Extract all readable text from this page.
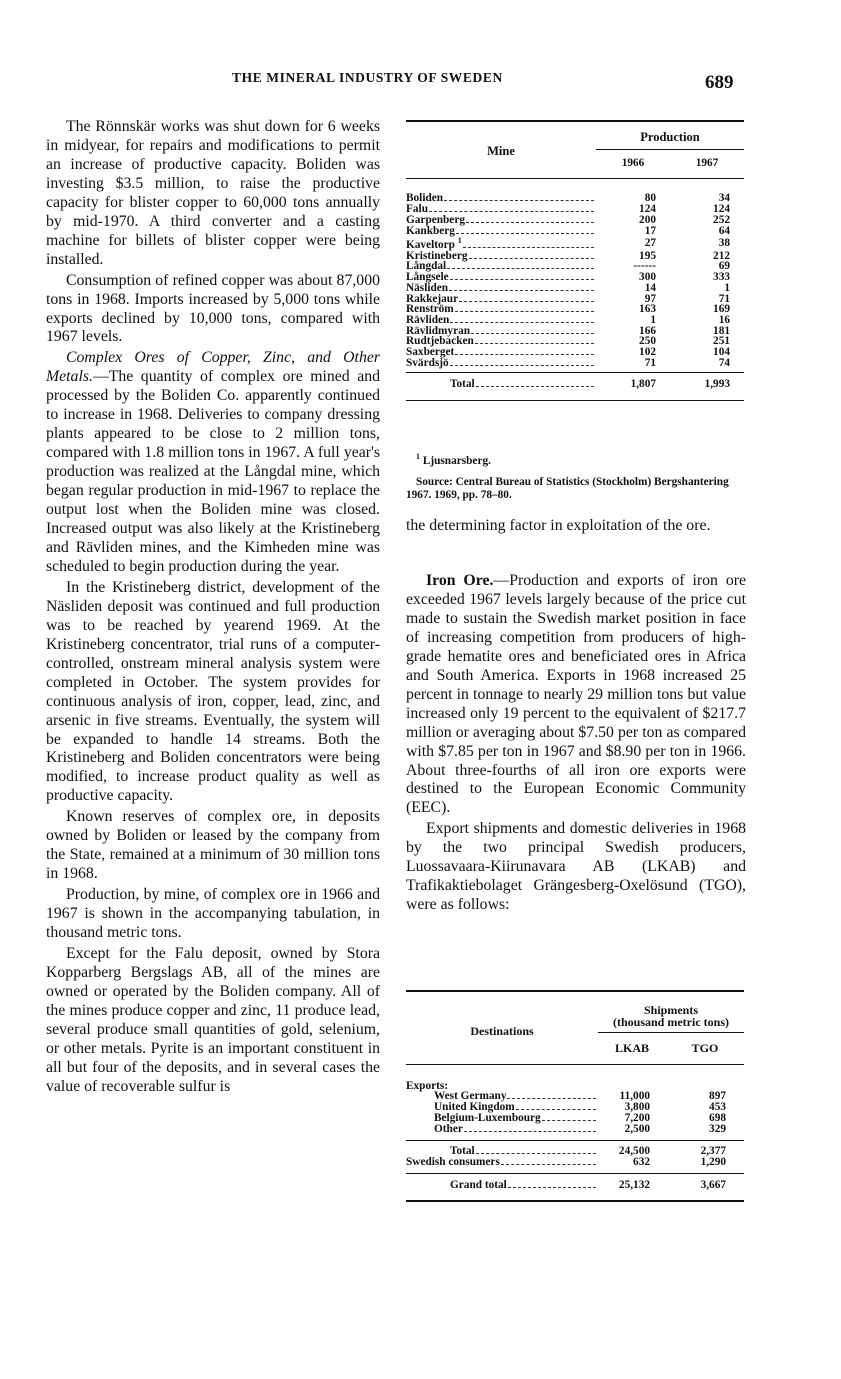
THE MINERAL INDUSTRY OF SWEDEN	689

The Rönnskär works was shut down for 6 weeks in midyear, for repairs and modifications to permit an increase of productive capacity. Boliden was investing $3.5 million, to raise the productive capacity for blister copper to 60,000 tons annually by mid-1970. A third converter and a casting machine for billets of blister copper were being installed.

Consumption of refined copper was about 87,000 tons in 1968. Imports increased by 5,000 tons while exports declined by 10,000 tons, compared with 1967 levels.

Complex Ores of Copper, Zinc, and Other Metals.—The quantity of complex ore mined and processed by the Boliden Co. apparently continued to increase in 1968. Deliveries to company dressing plants appeared to be close to 2 million tons, compared with 1.8 million tons in 1967. A full year's production was realized at the Långdal mine, which began regular production in mid-1967 to replace the output lost when the Boliden mine was closed. Increased output was also likely at the Kristineberg and Rävliden mines, and the Kimheden mine was scheduled to begin production during the year.

In the Kristineberg district, development of the Näsliden deposit was continued and full production was to be reached by yearend 1969. At the Kristineberg concentrator, trial runs of a computer-controlled, onstream mineral analysis system were completed in October. The system provides for continuous analysis of iron, copper, lead, zinc, and arsenic in five streams. Eventually, the system will be expanded to handle 14 streams. Both the Kristineberg and Boliden concentrators were being modified, to increase product quality as well as productive capacity.

Known reserves of complex ore, in deposits owned by Boliden or leased by the company from the State, remained at a minimum of 30 million tons in 1968.

Production, by mine, of complex ore in 1966 and 1967 is shown in the accompanying tabulation, in thousand metric tons.

Except for the Falu deposit, owned by Stora Kopparberg Bergslags AB, all of the mines are owned or operated by the Boliden company. All of the mines produce copper and zinc, 11 produce lead, several produce small quantities of gold, selenium, or other metals. Pyrite is an important constituent in all but four of the deposits, and in several cases the value of recoverable sulfur is

Mine	Production	
	1966	1967

Boliden	80	34

Falu	124	124

Garpenberg	200	252

Kankberg	17	64

Kaveltorp $^1$	27	38

Kristineberg	195	212

Långdal	------	69

Långsele	300	333

Näsliden	14	1

Rakkejaur	97	71

Renström	163	169

Rävliden	1	16

Rävlidmyran	166	181

Rudtjebacken	250	251

Saxberget	102	104

Svärdsjö	71	74

Total	1,807	1,993

$^1$ Ljusnarsberg.
Source: Central Bureau of Statistics (Stockholm) Bergshantering 1967. 1969, pp. 78–80.

the determining factor in exploitation of the ore.

Iron Ore.—Production and exports of iron ore exceeded 1967 levels largely because of the price cut made to sustain the Swedish market position in face of increasing competition from producers of high-grade hematite ores and beneficiated ores in Africa and South America. Exports in 1968 increased 25 percent in tonnage to nearly 29 million tons but value increased only 19 percent to the equivalent of $217.7 million or averaging about $7.50 per ton as compared with $7.85 per ton in 1967 and $8.90 per ton in 1966. About three-fourths of all iron ore exports were destined to the European Economic Community (EEC).

Export shipments and domestic deliveries in 1968 by the two principal Swedish producers, Luossavaara-Kiirunavara AB (LKAB) and Trafikaktiebolaget Grängesberg-Oxelösund (TGO), were as follows:

Destinations	Shipments
(thousand metric tons)	

	LKAB	TGO

Exports:		

West Germany	11,000	897

United Kingdom	3,800	453

Belgium-Luxembourg	7,200	698

Other	2,500	329

Total	24,500	2,377

Swedish consumers	632	1,290

Grand total	25,132	3,667
